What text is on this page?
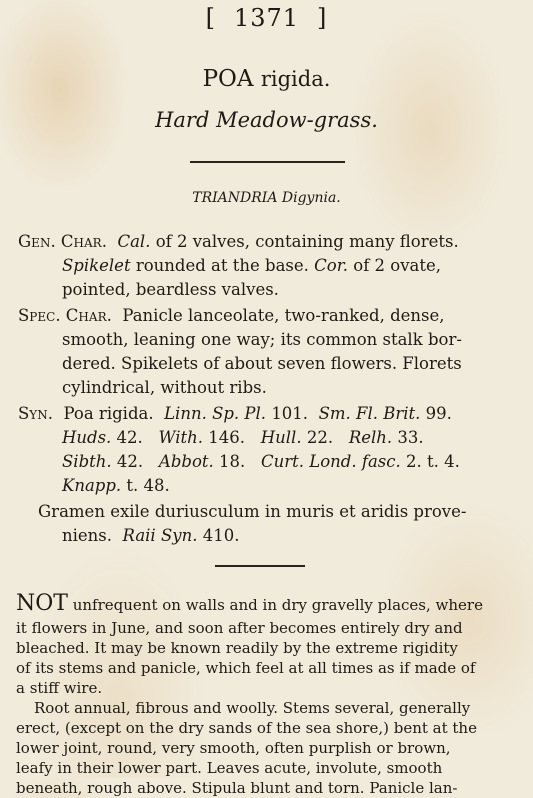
[ 1371 ]
POA rigida.
Hard Meadow-grass.
TRIANDRIA Digynia.
Gen. Char. Cal. of 2 valves, containing many florets.
Spikelet rounded at the base. Cor. of 2 ovate,
pointed, beardless valves.
Spec. Char. Panicle lanceolate, two-ranked, dense,
smooth, leaning one way; its common stalk bor-
dered. Spikelets of about seven flowers. Florets
cylindrical, without ribs.
Syn. Poa rigida. Linn. Sp. Pl. 101. Sm. Fl. Brit. 99.
Huds. 42. With. 146. Hull. 22. Relh. 33.
Sibth. 42. Abbot. 18. Curt. Lond. fasc. 2. t. 4.
Knapp. t. 48.
Gramen exile duriusculum in muris et aridis prove-
niens. Raii Syn. 410.
NOT unfrequent on walls and in dry gravelly places, where
it flowers in June, and soon after becomes entirely dry and
bleached. It may be known readily by the extreme rigidity
of its stems and panicle, which feel at all times as if made of
a stiff wire.
Root annual, fibrous and woolly. Stems several, generally
erect, (except on the dry sands of the sea shore,) bent at the
lower joint, round, very smooth, often purplish or brown,
leafy in their lower part. Leaves acute, involute, smooth
beneath, rough above. Stipula blunt and torn. Panicle lan-
